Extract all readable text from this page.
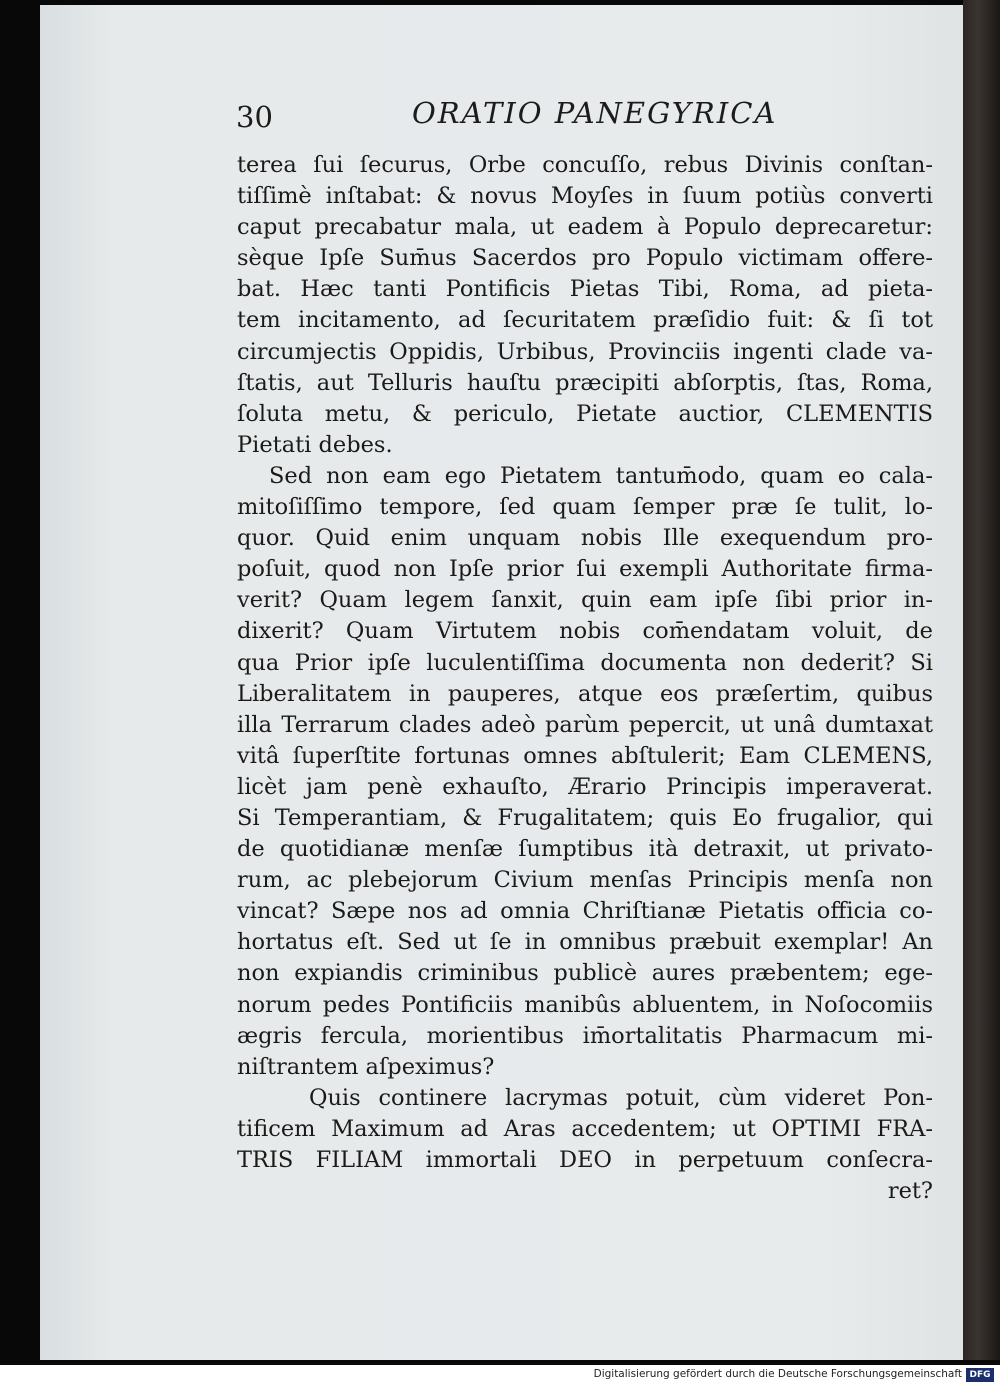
30	ORATIO PANEGYRICA
terea ſui ſecurus, Orbe concuſſo, rebus Divinis conſtan-
tiſſimè inſtabat: & novus Moyſes in ſuum potiùs converti
caput precabatur mala, ut eadem à Populo deprecaretur:
sèque Ipſe Sum̄us Sacerdos pro Populo victimam offere-
bat. Hæc tanti Pontificis Pietas Tibi, Roma, ad pieta-
tem incitamento, ad ſecuritatem præſidio fuit: & ſi tot
circumjectis Oppidis, Urbibus, Provinciis ingenti clade va-
ſtatis, aut Telluris hauſtu præcipiti abſorptis, ſtas, Roma,
ſoluta metu, & periculo, Pietate auctior, CLEMENTIS
Pietati debes.
Sed non eam ego Pietatem tantum̄odo, quam eo cala-
mitoſiſſimo tempore, ſed quam ſemper præ ſe tulit, lo-
quor. Quid enim unquam nobis Ille exequendum pro-
poſuit, quod non Ipſe prior ſui exempli Authoritate firma-
verit? Quam legem ſanxit, quin eam ipſe ſibi prior in-
dixerit? Quam Virtutem nobis com̄endatam voluit, de
qua Prior ipſe luculentiſſima documenta non dederit? Si
Liberalitatem in pauperes, atque eos præſertim, quibus
illa Terrarum clades adeò parùm pepercit, ut unâ dumtaxat
vitâ ſuperſtite fortunas omnes abſtulerit; Eam CLEMENS,
licèt jam penè exhauſto, Ærario Principis imperaverat.
Si Temperantiam, & Frugalitatem; quis Eo frugalior, qui
de quotidianæ menſæ ſumptibus ità detraxit, ut privato-
rum, ac plebejorum Civium menſas Principis menſa non
vincat? Sæpe nos ad omnia Chriſtianæ Pietatis officia co-
hortatus eſt. Sed ut ſe in omnibus præbuit exemplar! An
non expiandis criminibus publicè aures præbentem; ege-
norum pedes Pontificiis manibûs abluentem, in Noſocomiis
ægris fercula, morientibus im̄ortalitatis Pharmacum mi-
niſtrantem aſpeximus?
Quis continere lacrymas potuit, cùm videret Pon-
tificem Maximum ad Aras accedentem; ut OPTIMI FRA-
TRIS FILIAM immortali DEO in perpetuum conſecra-
ret?
Digitalisierung gefördert durch die Deutsche Forschungsgemeinschaft DFG
